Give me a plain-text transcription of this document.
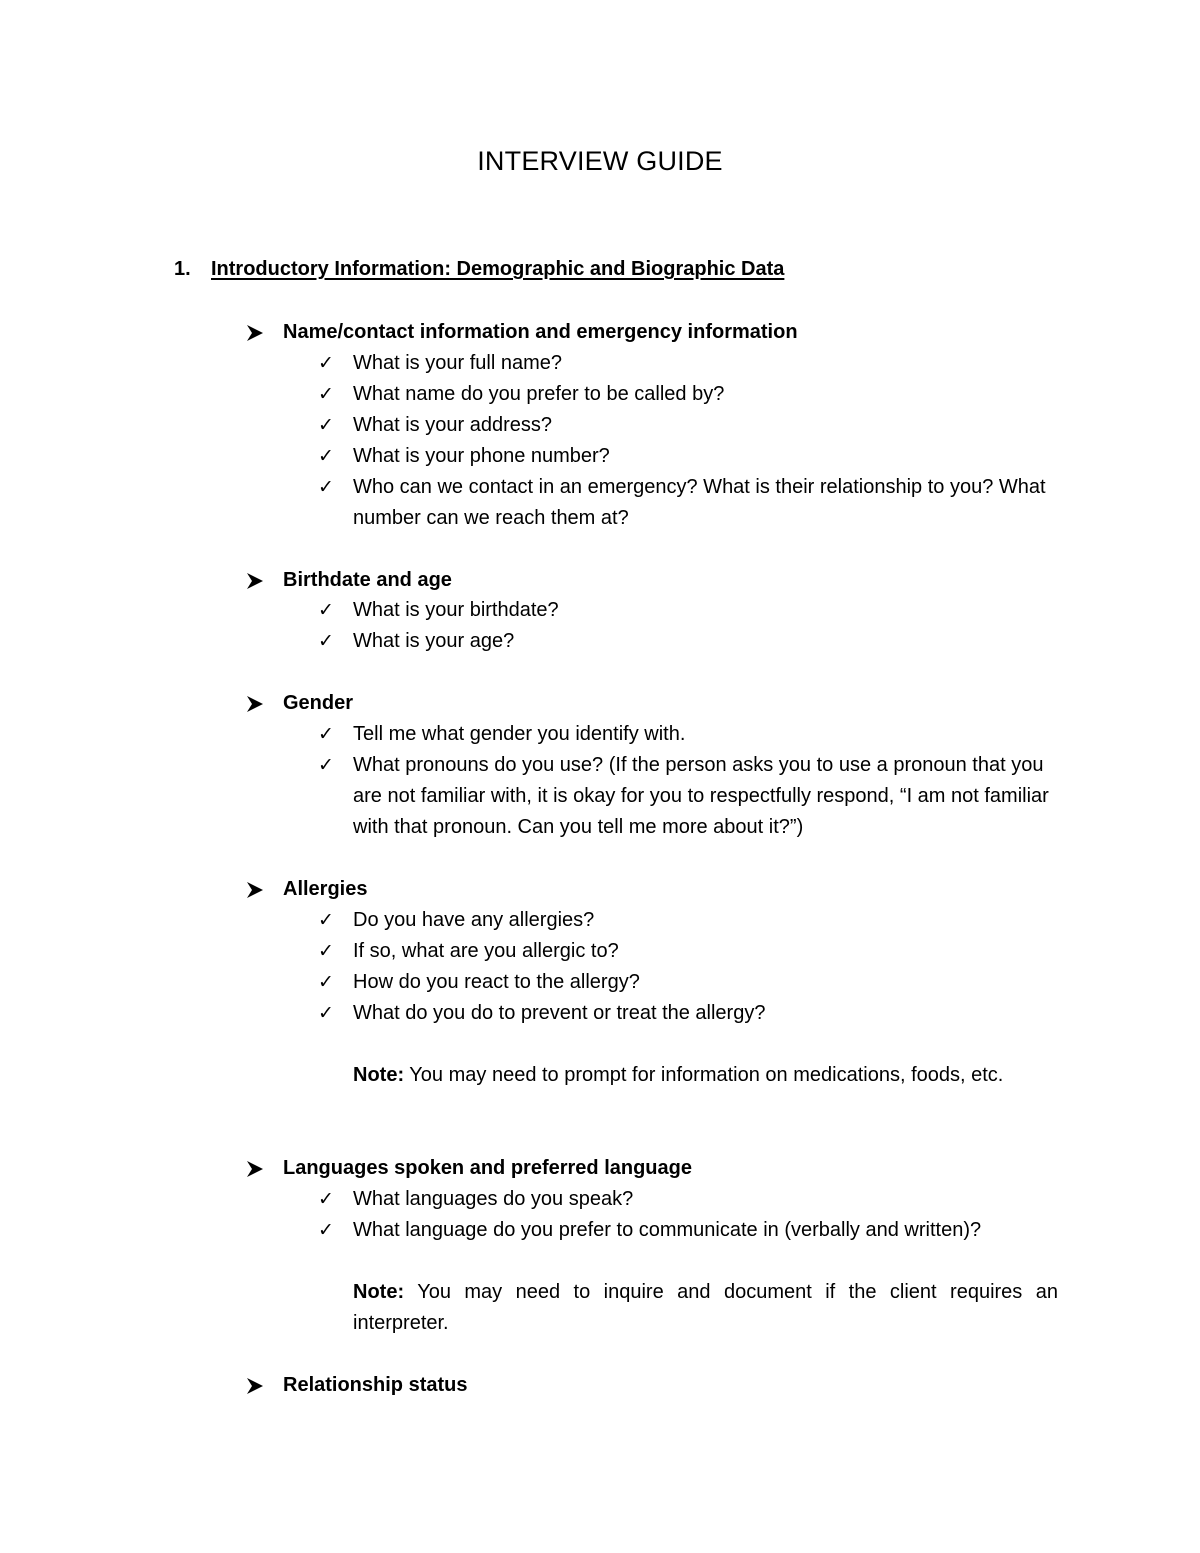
INTERVIEW GUIDE
1. Introductory Information: Demographic and Biographic Data
Name/contact information and emergency information
✓ What is your full name?
✓ What name do you prefer to be called by?
✓ What is your address?
✓ What is your phone number?
✓ Who can we contact in an emergency? What is their relationship to you? What number can we reach them at?
Birthdate and age
✓ What is your birthdate?
✓ What is your age?
Gender
✓ Tell me what gender you identify with.
✓ What pronouns do you use? (If the person asks you to use a pronoun that you are not familiar with, it is okay for you to respectfully respond, “I am not familiar with that pronoun. Can you tell me more about it?”)
Allergies
✓ Do you have any allergies?
✓ If so, what are you allergic to?
✓ How do you react to the allergy?
✓ What do you do to prevent or treat the allergy?
Note: You may need to prompt for information on medications, foods, etc.
Languages spoken and preferred language
✓ What languages do you speak?
✓ What language do you prefer to communicate in (verbally and written)?
Note: You may need to inquire and document if the client requires an interpreter.
Relationship status
